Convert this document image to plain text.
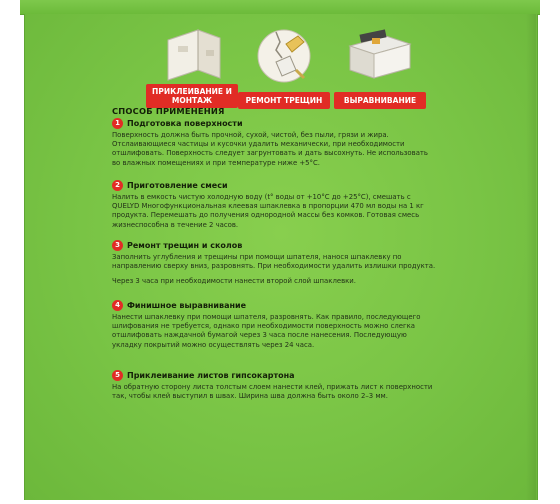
ПРИКЛЕИВАНИЕ И МОНТАЖ	РЕМОНТ ТРЕЩИН	ВЫРАВНИВАНИЕ
СПОСОБ ПРИМЕНЕНИЯ
1 Подготовка поверхности

Поверхность должна быть прочной, сухой, чистой, без пыли, грязи и жира. Отслаивающиеся частицы и кусочки удалить механически, при необходимости отшлифовать. Поверхность следует загрунтовать и дать высохнуть. Не использовать во влажных помещениях и при температуре ниже +5°С.

2 Приготовление смеси

Налить в емкость чистую холодную воду (t° воды от +10°С до +25°С), смешать с QUELYD Многофункциональная клеевая шпаклевка в пропорции 470 мл воды на 1 кг продукта. Перемешать до получения однородной массы без комков. Готовая смесь жизнеспособна в течение 2 часов.

3 Ремонт трещин и сколов

Заполнить углубления и трещины при помощи шпателя, нанося шпаклевку по направлению сверху вниз, разровнять. При необходимости удалить излишки продукта.

Через 3 часа при необходимости нанести второй слой шпаклевки.

4 Финишное выравнивание

Нанести шпаклевку при помощи шпателя, разровнять. Как правило, последующего шлифования не требуется, однако при необходимости поверхность можно слегка отшлифовать наждачной бумагой через 3 часа после нанесения. Последующую укладку покрытий можно осуществлять через 24 часа.

5 Приклеивание листов гипсокартона

На обратную сторону листа толстым слоем нанести клей, прижать лист к поверхности так, чтобы клей выступил в швах. Ширина шва должна быть около 2–3 мм.
